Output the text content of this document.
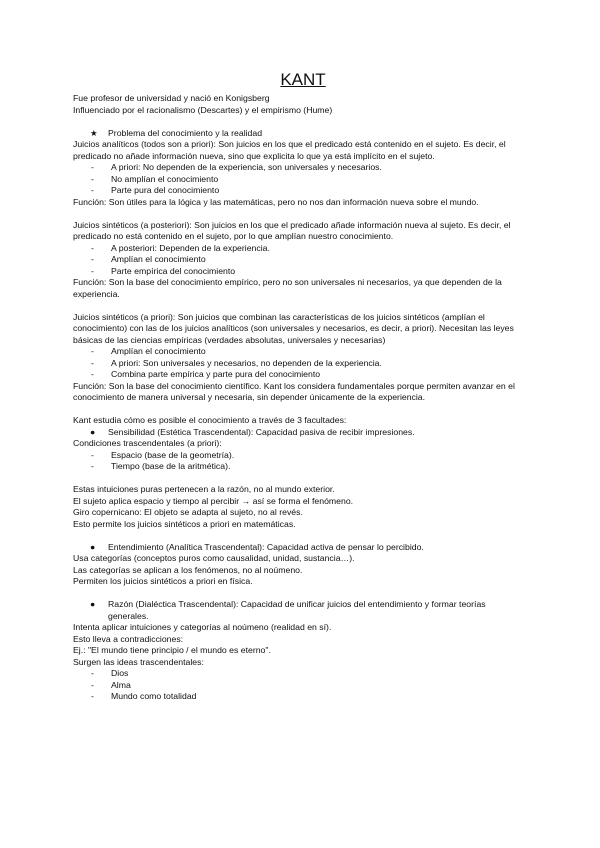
KANT

Fue profesor de universidad y nació en Konigsberg

Influenciado por el racionalismo (Descartes) y el empirismo (Hume)

★	Problema del conocimiento y la realidad

Juicios analíticos (todos son a priori): Son juicios en los que el predicado está contenido en el sujeto. Es decir, el predicado no añade información nueva, sino que explicita lo que ya está implícito en el sujeto.

-	A priori: No dependen de la experiencia, son universales y necesarios.
-	No amplían el conocimiento
-	Parte pura del conocimiento

Función: Son útiles para la lógica y las matemáticas, pero no nos dan información nueva sobre el mundo.

Juicios sintéticos (a posteriori): Son juicios en los que el predicado añade información nueva al sujeto. Es decir, el predicado no está contenido en el sujeto, por lo que amplían nuestro conocimiento.

-	A posteriori: Dependen de la experiencia.
-	Amplían el conocimiento
-	Parte empírica del conocimiento

Función: Son la base del conocimiento empírico, pero no son universales ni necesarios, ya que dependen de la experiencia.

Juicios sintéticos (a priori): Son juicios que combinan las características de los juicios sintéticos (amplían el conocimiento) con las de los juicios analíticos (son universales y necesarios, es decir, a priori). Necesitan las leyes básicas de las ciencias empíricas (verdades absolutas, universales y necesarias)

-	Amplían el conocimiento
-	A priori: Son universales y necesarios, no dependen de la experiencia.
-	Combina parte empírica y parte pura del conocimiento

Función: Son la base del conocimiento científico. Kant los considera fundamentales porque permiten avanzar en el conocimiento de manera universal y necesaria, sin depender únicamente de la experiencia.

Kant estudia cómo es posible el conocimiento a través de 3 facultades:

●	Sensibilidad (Estética Trascendental): Capacidad pasiva de recibir impresiones.

Condiciones trascendentales (a priori):

-	Espacio (base de la geometría).
-	Tiempo (base de la aritmética).

Estas intuiciones puras pertenecen a la razón, no al mundo exterior.

El sujeto aplica espacio y tiempo al percibir → así se forma el fenómeno.

Giro copernicano: El objeto se adapta al sujeto, no al revés.

Esto permite los juicios sintéticos a priori en matemáticas.

●	Entendimiento (Analítica Trascendental): Capacidad activa de pensar lo percibido.

Usa categorías (conceptos puros como causalidad, unidad, sustancia…).

Las categorías se aplican a los fenómenos, no al noúmeno.

Permiten los juicios sintéticos a priori en física.

●	Razón (Dialéctica Trascendental): Capacidad de unificar juicios del entendimiento y formar teorías

generales.

Intenta aplicar intuiciones y categorías al noúmeno (realidad en sí).

Esto lleva a contradicciones:

Ej.: "El mundo tiene principio / el mundo es eterno".

Surgen las ideas trascendentales:

-	Dios
-	Alma
-	Mundo como totalidad
